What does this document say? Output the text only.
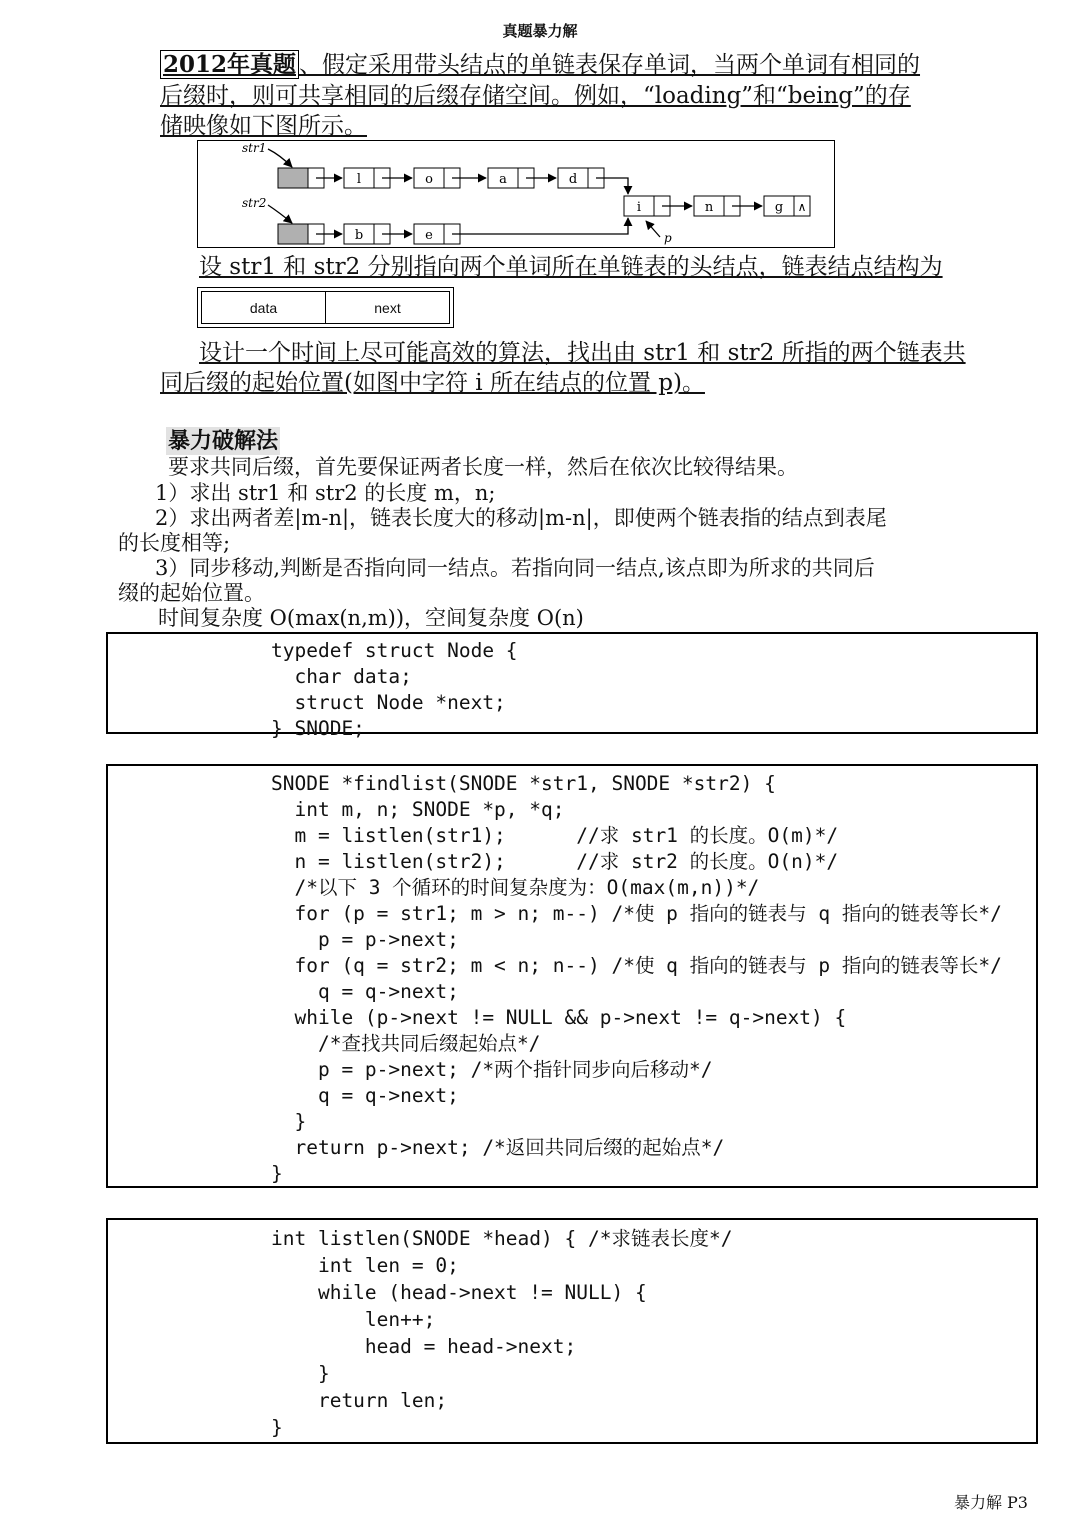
真题暴力解
2012年真题 、假定采用带头结点的单链表保存单词，当两个单词有相同的
后缀时，则可共享相同的后缀存储空间。例如，“loading”和“being”的存
储映像如下图所示。
str1
str2
p
l	o	a	d
b	e
i	n	g ∧
设 str1 和 str2 分别指向两个单词所在单链表的头结点，链表结点结构为
data	next
设计一个时间上尽可能高效的算法，找出由 str1 和 str2 所指的两个链表共
同后缀的起始位置(如图中字符 i 所在结点的位置 p)。
暴力破解法
要求共同后缀，首先要保证两者长度一样，然后在依次比较得结果。
1）求出 str1 和 str2 的长度 m，n;
2）求出两者差|m-n|，链表长度大的移动|m-n|，即使两个链表指的结点到表尾
的长度相等;
3）同步移动,判断是否指向同一结点。若指向同一结点,该点即为所求的共同后
缀的起始位置。
时间复杂度 O(max(n,m))，空间复杂度 O(n)
typedef struct Node {
char data;
struct Node *next;
} SNODE;
SNODE *findlist(SNODE *str1, SNODE *str2) {
int m, n; SNODE *p, *q;
m = listlen(str1);      //求 str1 的长度。O(m)*/
n = listlen(str2);      //求 str2 的长度。O(n)*/
/*以下 3 个循环的时间复杂度为：O(max(m,n))*/
for (p = str1; m > n; m--) /*使 p 指向的链表与 q 指向的链表等长*/
p = p->next;
for (q = str2; m < n; n--) /*使 q 指向的链表与 p 指向的链表等长*/
q = q->next;
while (p->next != NULL && p->next != q->next) {
/*查找共同后缀起始点*/
p = p->next; /*两个指针同步向后移动*/
q = q->next;
}
return p->next; /*返回共同后缀的起始点*/
}
int listlen(SNODE *head) { /*求链表长度*/
int len = 0;
while (head->next != NULL) {
len++;
head = head->next;
}
return len;
}
暴力解 P3
